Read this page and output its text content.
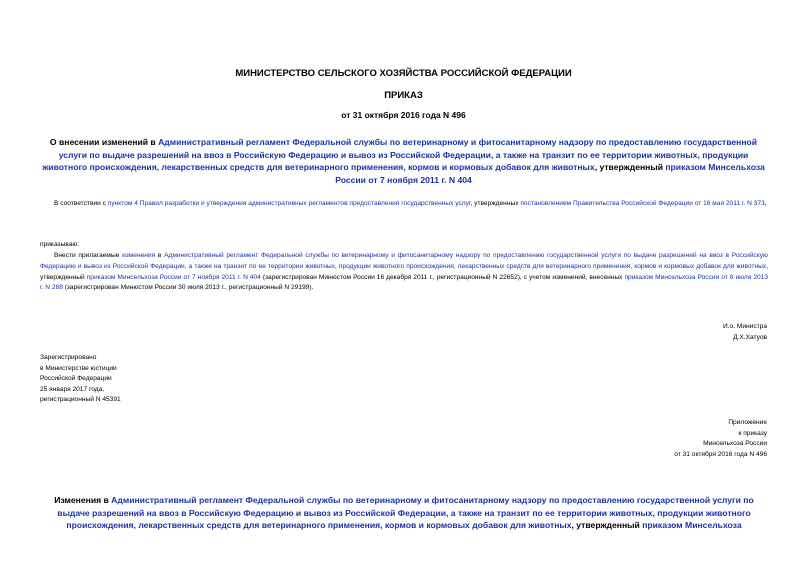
МИНИСТЕРСТВО СЕЛЬСКОГО ХОЗЯЙСТВА РОССИЙСКОЙ ФЕДЕРАЦИИ
ПРИКАЗ
от 31 октября 2016 года N 496
О внесении изменений в Административный регламент Федеральной службы по ветеринарному и фитосанитарному надзору по предоставлению государственной услуги по выдаче разрешений на ввоз в Российскую Федерацию и вывоз из Российской Федерации, а также на транзит по ее территории животных, продукции животного происхождения, лекарственных средств для ветеринарного применения, кормов и кормовых добавок для животных, утвержденный приказом Минсельхоза России от 7 ноября 2011 г. N 404
В соответствии с пунктом 4 Правил разработки и утверждения административных регламентов предоставления государственных услуг, утвержденных постановлением Правительства Российской Федерации от 16 мая 2011 г. N 373,
приказываю:
Внести прилагаемые изменения в Административный регламент Федеральной службы по ветеринарному и фитосанитарному надзору по предоставлению государственной услуги по выдаче разрешений на ввоз в Российскую Федерацию и вывоз из Российской Федерации, а также на транзит по ее территории животных, продукции животного происхождения, лекарственных средств для ветеринарного применения, кормов и кормовых добавок для животных, утвержденный приказом Минсельхоза России от 7 ноября 2011 г. N 404 (зарегистрирован Минюстом России 16 декабря 2011 г., регистрационный N 22652), с учетом изменений, внесенных приказом Минсельхоза России от 8 июля 2013 г. N 268 (зарегистрирован Минюстом России 30 июля 2013 г., регистрационный N 29199).
И.о. Министра
Д.Х.Хатуов
Зарегистрировано
в Министерстве юстиции
Российской Федерации
25 января 2017 года,
регистрационный N 45391
Приложение
к приказу
Минсельхоза России
от 31 октября 2016 года N 496
Изменения в Административный регламент Федеральной службы по ветеринарному и фитосанитарному надзору по предоставлению государственной услуги по выдаче разрешений на ввоз в Российскую Федерацию и вывоз из Российской Федерации, а также на транзит по ее территории животных, продукции животного происхождения, лекарственных средств для ветеринарного применения, кормов и кормовых добавок для животных, утвержденный приказом Минсельхоза
